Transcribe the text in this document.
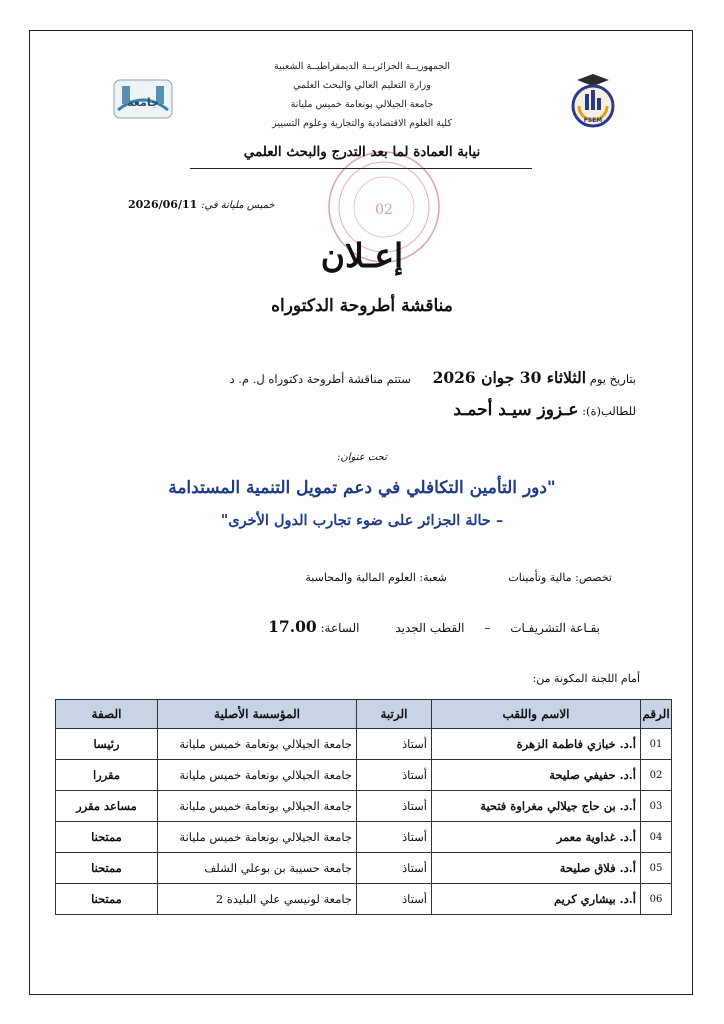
الجمهوريــة الجزائريــة الديمقراطيــة الشعبية
وزارة التعليم العالي والبحث العلمي
جامعة الجيلالي بونعامة خميس مليانة
كلية العلوم الاقتصادية والتجارية وعلوم التسيير
جامعة
FSEM
02
نيابة العمادة لما بعد التدرج والبحث العلمي
خميس مليانة في: 2026/06/11
إعـلان
مناقشة أطروحة الدكتوراه
بتاريخ يوم الثلاثاء 30 جوان 2026 ستتم مناقشة أطروحة دكتوراه ل. م. د
للطالب(ة): عـزوز سيـد أحمـد
تحت عنوان:
"دور التأمين التكافلي في دعم تمويل التنمية المستدامة
– حالة الجزائر على ضوء تجارب الدول الأخرى"
تخصص: مالية وتأمينات شعبة: العلوم المالية والمحاسبة
بقـاعة التشريفـات – القطب الجديد الساعة: 17.00
أمام اللجنة المكونة من:
الرقم	الاسم واللقب	الرتبة	المؤسسة الأصلية	الصفة
01	أ.د. خبازي فاطمة الزهرة	أستاذ	جامعة الجيلالي بونعامة خميس مليانة	رئيسا
02	أ.د. حفيفي صليحة	أستاذ	جامعة الجيلالي بونعامة خميس مليانة	مقررا
03	أ.د. بن حاج جيلالي مغراوة فتحية	أستاذ	جامعة الجيلالي بونعامة خميس مليانة	مساعد مقرر
04	أ.د. غداوية معمر	أستاذ	جامعة الجيلالي بونعامة خميس مليانة	ممتحنا
05	أ.د. فلاق صليحة	أستاذ	جامعة حسيبة بن بوعلي الشلف	ممتحنا
06	أ.د. بيشاري كريم	أستاذ	جامعة لونيسي علي البليدة 2	ممتحنا
